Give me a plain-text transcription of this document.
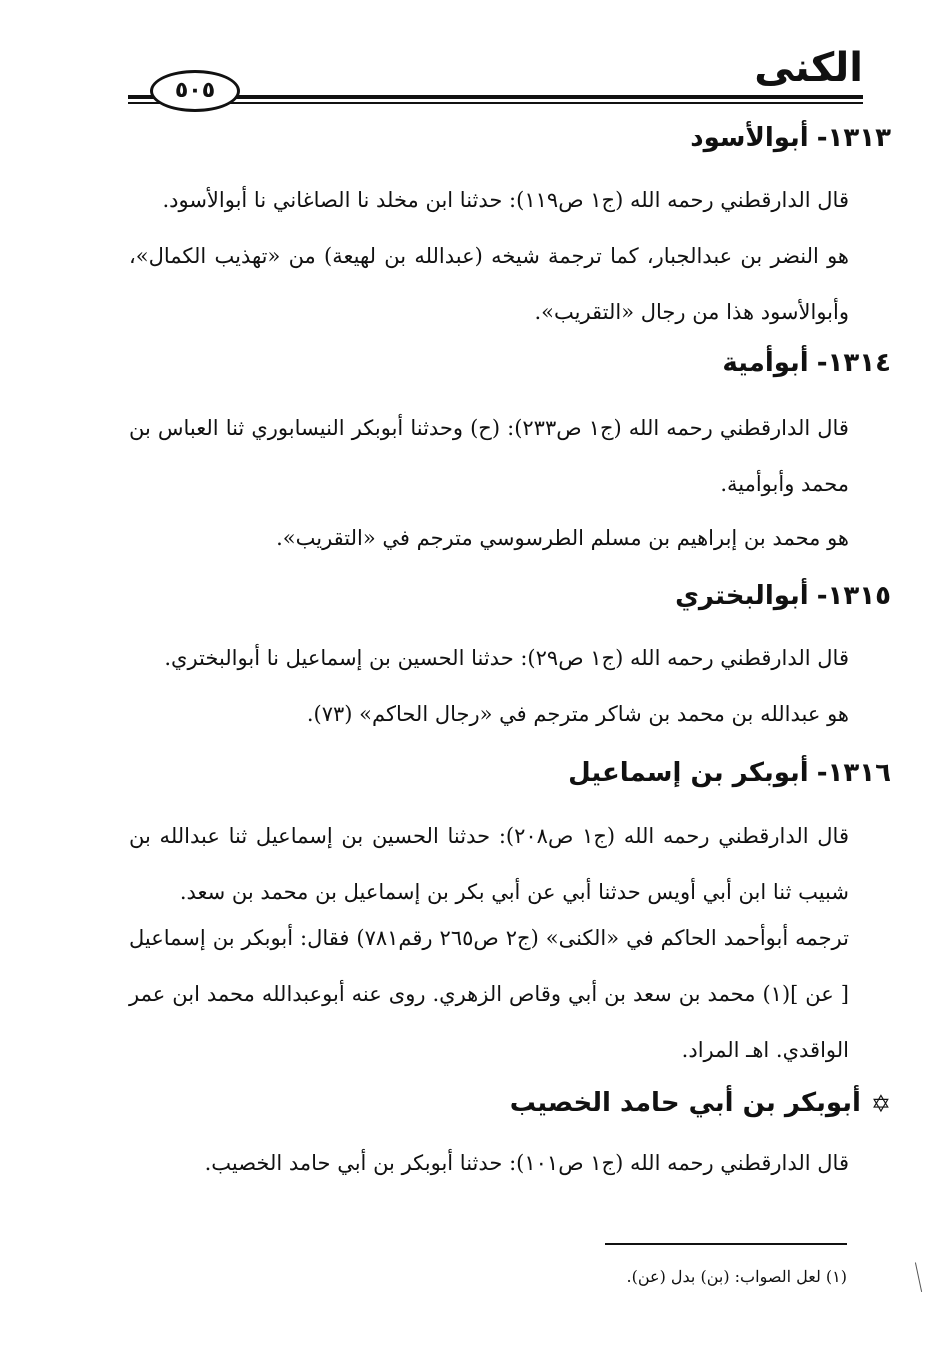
الكنى
٥٠٥
١٣١٣-أبوالأسود
قال الدارقطني رحمه الله (ج١ ص١١٩): حدثنا ابن مخلد نا الصاغاني نا أبوالأسود.
هو النضر بن عبدالجبار، كما ترجمة شيخه (عبدالله بن لهيعة) من «تهذيب الكمال»، وأبوالأسود هذا من رجال «التقريب».
١٣١٤-أبوأمية
قال الدارقطني رحمه الله (ج١ ص٢٣٣): (ح) وحدثنا أبوبكر النيسابوري ثنا العباس بن محمد وأبوأمية.
هو محمد بن إبراهيم بن مسلم الطرسوسي مترجم في «التقريب».
١٣١٥-أبوالبختري
قال الدارقطني رحمه الله (ج١ ص٢٩): حدثنا الحسين بن إسماعيل نا أبوالبختري.
هو عبدالله بن محمد بن شاكر مترجم في «رجال الحاكم» (٧٣).
١٣١٦-أبوبكر بن إسماعيل
قال الدارقطني رحمه الله (ج١ ص٢٠٨): حدثنا الحسين بن إسماعيل ثنا عبدالله بن شبيب ثنا ابن أبي أويس حدثنا أبي عن أبي بكر بن إسماعيل بن محمد بن سعد.
ترجمه أبوأحمد الحاكم في «الكنى» (ج٢ ص٢٦٥ رقم٧٨١) فقال: أبوبكر بن إسماعيل [ عن ](١) محمد بن سعد بن أبي وقاص الزهري. روى عنه أبوعبدالله محمد ابن عمر الواقدي. اهـ المراد.
✡أبوبكر بن أبي حامد الخصيب
قال الدارقطني رحمه الله (ج١ ص١٠١): حدثنا أبوبكر بن أبي حامد الخصيب.
(١) لعل الصواب: (بن) بدل (عن).
